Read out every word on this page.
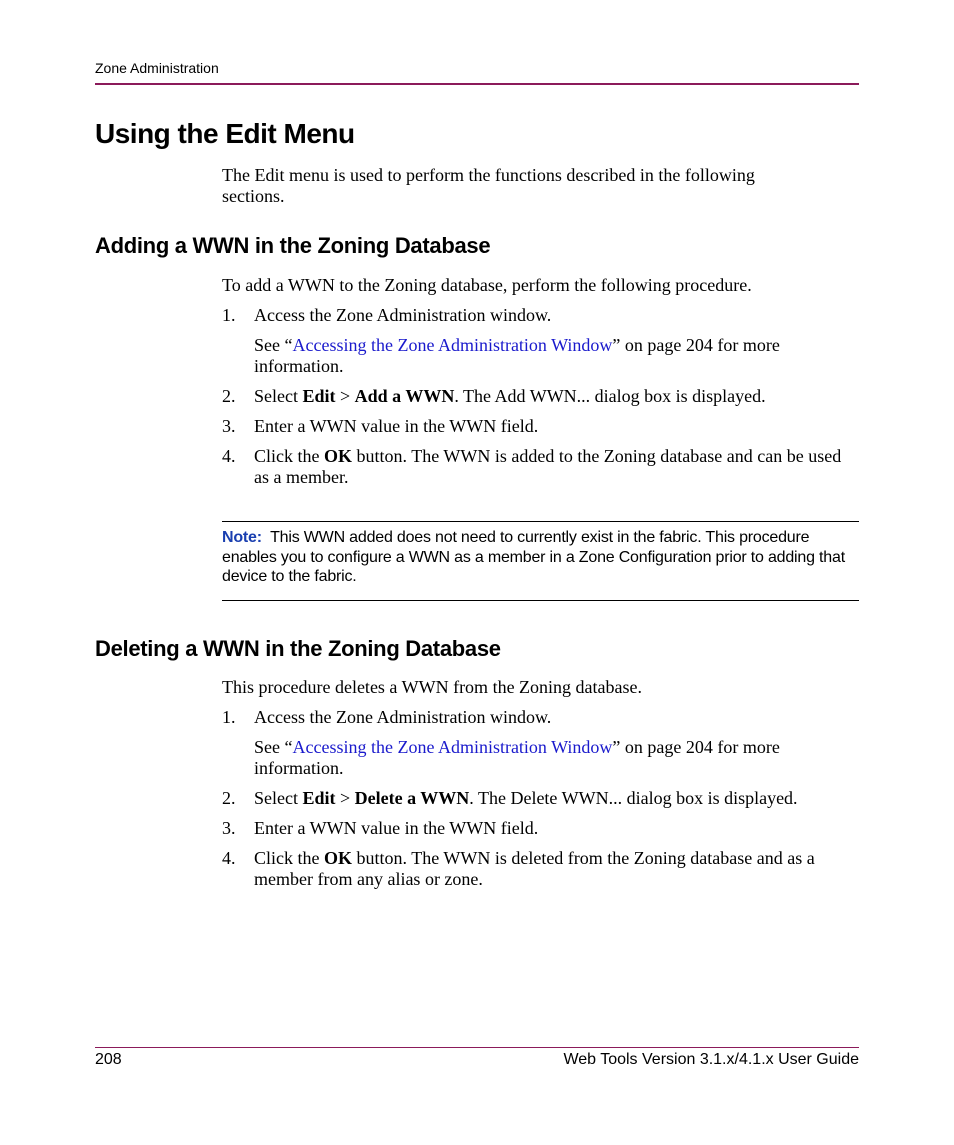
Zone Administration
Using the Edit Menu
The Edit menu is used to perform the functions described in the following
sections.
Adding a WWN in the Zoning Database
To add a WWN to the Zoning database, perform the following procedure.
1. Access the Zone Administration window.
See “Accessing the Zone Administration Window” on page 204 for more
information.
2. Select Edit > Add a WWN. The Add WWN... dialog box is displayed.
3. Enter a WWN value in the WWN field.
4. Click the OK button. The WWN is added to the Zoning database and can be used as a member.
Note: This WWN added does not need to currently exist in the fabric. This procedure enables you to configure a WWN as a member in a Zone Configuration prior to adding that device to the fabric.
Deleting a WWN in the Zoning Database
This procedure deletes a WWN from the Zoning database.
1. Access the Zone Administration window.
See “Accessing the Zone Administration Window” on page 204 for more
information.
2. Select Edit > Delete a WWN. The Delete WWN... dialog box is displayed.
3. Enter a WWN value in the WWN field.
4. Click the OK button. The WWN is deleted from the Zoning database and as a member from any alias or zone.
208	Web Tools Version 3.1.x/4.1.x User Guide
